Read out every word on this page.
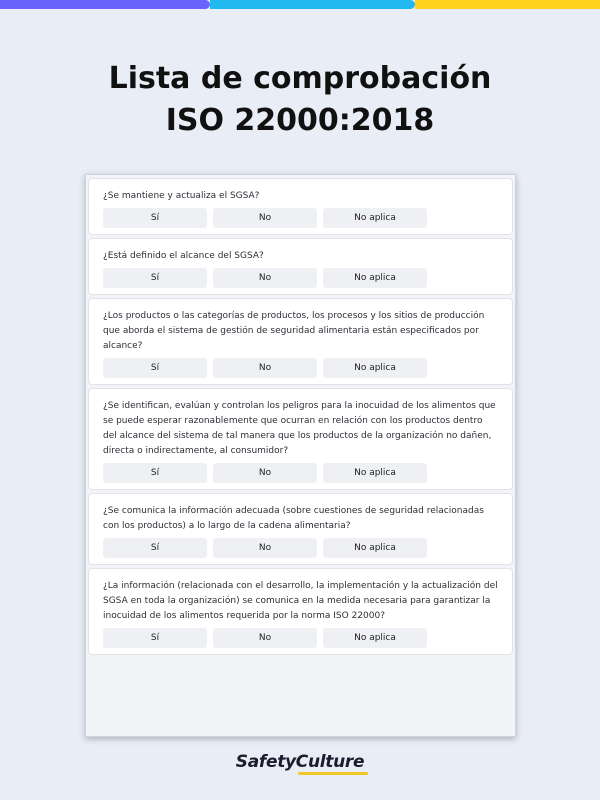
Lista de comprobación
ISO 22000:2018
¿Se mantiene y actualiza el SGSA?
Sí	No	No aplica
¿Está definido el alcance del SGSA?
Sí	No	No aplica
¿Los productos o las categorías de productos, los procesos y los sitios de producción que aborda el sistema de gestión de seguridad alimentaria están especificados por alcance?
Sí	No	No aplica
¿Se identifican, evalúan y controlan los peligros para la inocuidad de los alimentos que se puede esperar razonablemente que ocurran en relación con los productos dentro del alcance del sistema de tal manera que los productos de la organización no dañen, directa o indirectamente, al consumidor?
Sí	No	No aplica
¿Se comunica la información adecuada (sobre cuestiones de seguridad relacionadas con los productos) a lo largo de la cadena alimentaria?
Sí	No	No aplica
¿La información (relacionada con el desarrollo, la implementación y la actualización del SGSA en toda la organización) se comunica en la medida necesaria para garantizar la inocuidad de los alimentos requerida por la norma ISO 22000?
Sí	No	No aplica
SafetyCulture
